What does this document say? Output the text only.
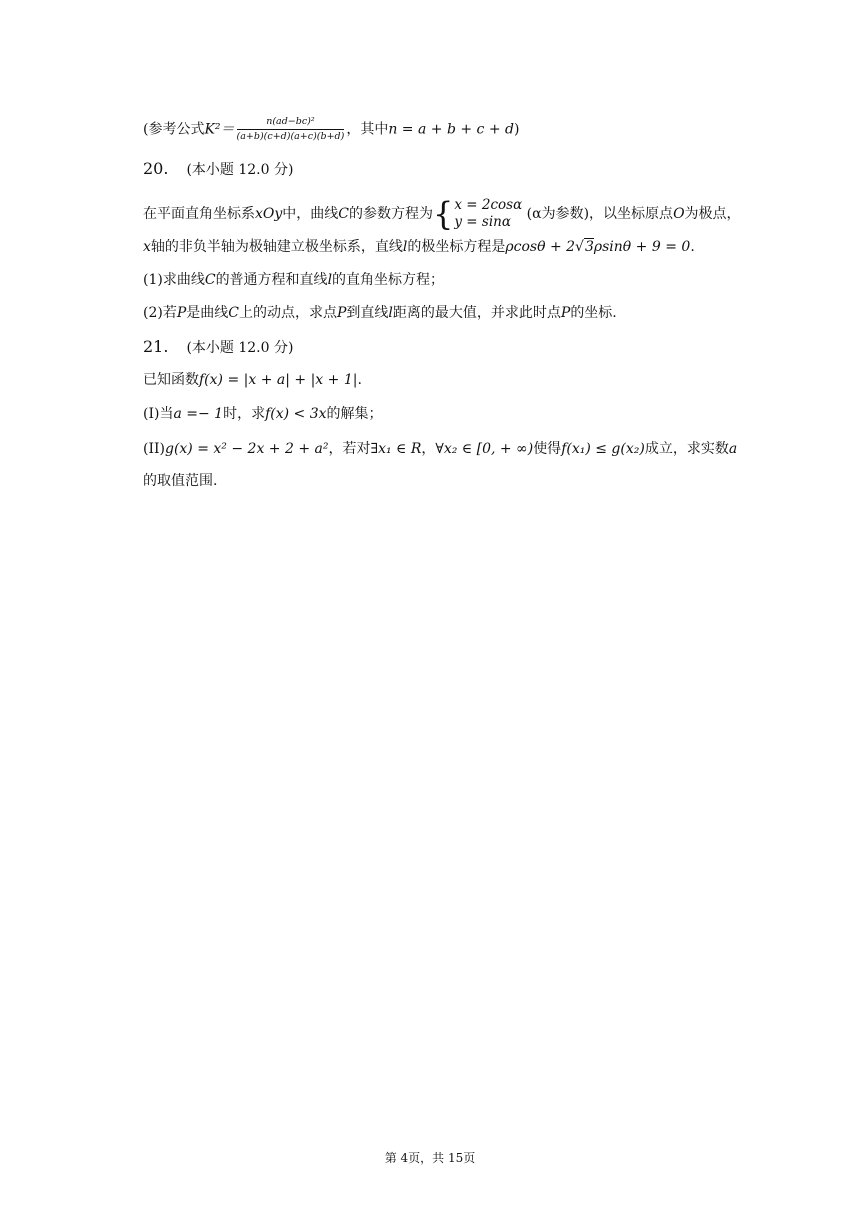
(参考公式$K^2= \frac{\text{n(ad−bc)²}}{(a+b)(c+d)(a+c)(b+d)}$ ，其中n = a + b + c + d)
20. (本小题 12.0 分)
在平面直角坐标系xOy中，曲线C的参数方程为{ x = 2cosα
y = sinα	(α为参数)，以坐标原点O为极点，
x轴的非负半轴为极轴建立极坐标系，直线l的极坐标方程是ρcosθ + 2√3ρsinθ + 9 = 0.
(1)求曲线C的普通方程和直线l的直角坐标方程；
(2)若P是曲线C上的动点，求点P到直线l距离的最大值，并求此时点P的坐标.
21. (本小题 12.0 分)
已知函数f(x) = |x + a| + |x + 1|.
(I)当a =− 1时，求f(x) < 3x的解集；
(II)g(x) = x² − 2x + 2 + a²，若对∃x₁ ∈ R，∀x₂ ∈ [0, + ∞)使得f(x₁) ≤ g(x₂)成立，求实数a
的取值范围.
第 4页，共 15页
